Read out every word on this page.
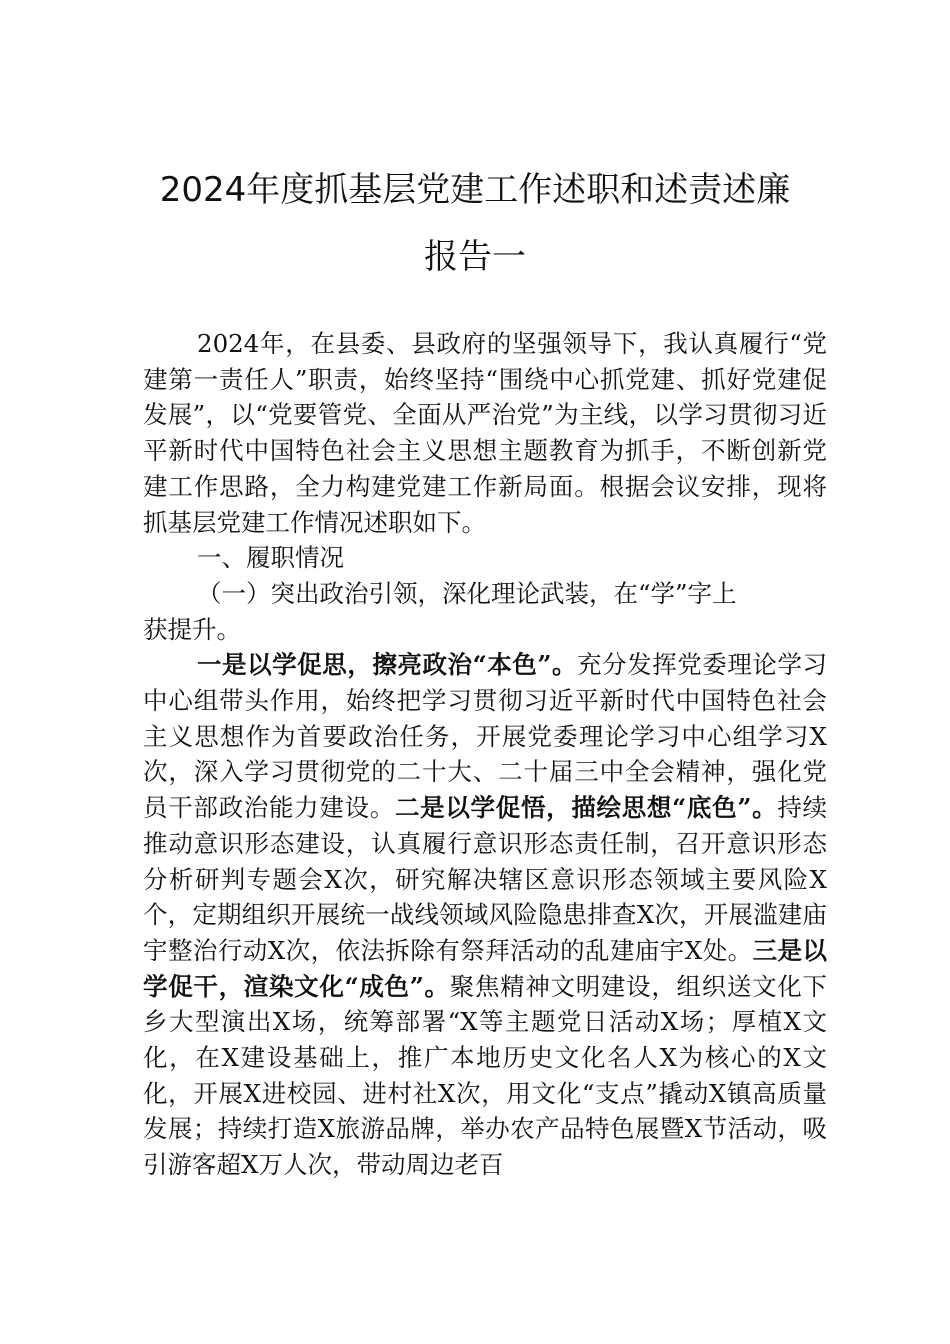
2024年度抓基层党建工作述职和述责述廉
报告一

2024年，在县委、县政府的坚强领导下，我认真履行“党建第一责任人”职责，始终坚持“围绕中心抓党建、抓好党建促发展”，以“党要管党、全面从严治党”为主线，以学习贯彻习近平新时代中国特色社会主义思想主题教育为抓手，不断创新党建工作思路，全力构建党建工作新局面。根据会议安排，现将抓基层党建工作情况述职如下。

一、履职情况

（一）突出政治引领，深化理论武装，在“学”字上
获提升。

一是以学促思，擦亮政治“本色”。充分发挥党委理论学习中心组带头作用，始终把学习贯彻习近平新时代中国特色社会主义思想作为首要政治任务，开展党委理论学习中心组学习X次，深入学习贯彻党的二十大、二十届三中全会精神，强化党员干部政治能力建设。二是以学促悟，描绘思想“底色”。持续推动意识形态建设，认真履行意识形态责任制，召开意识形态分析研判专题会X次，研究解决辖区意识形态领域主要风险X个，定期组织开展统一战线领域风险隐患排查X次，开展滥建庙宇整治行动X次，依法拆除有祭拜活动的乱建庙宇X处。三是以学促干，渲染文化“成色”。聚焦精神文明建设，组织送文化下乡大型演出X场，统筹部署“X等主题党日活动X场；厚植X文化，在X建设基础上，推广本地历史文化名人X为核心的X文化，开展X进校园、进村社X次，用文化“支点”撬动X镇高质量发展；持续打造X旅游品牌，举办农产品特色展暨X节活动，吸引游客超X万人次，带动周边老百
